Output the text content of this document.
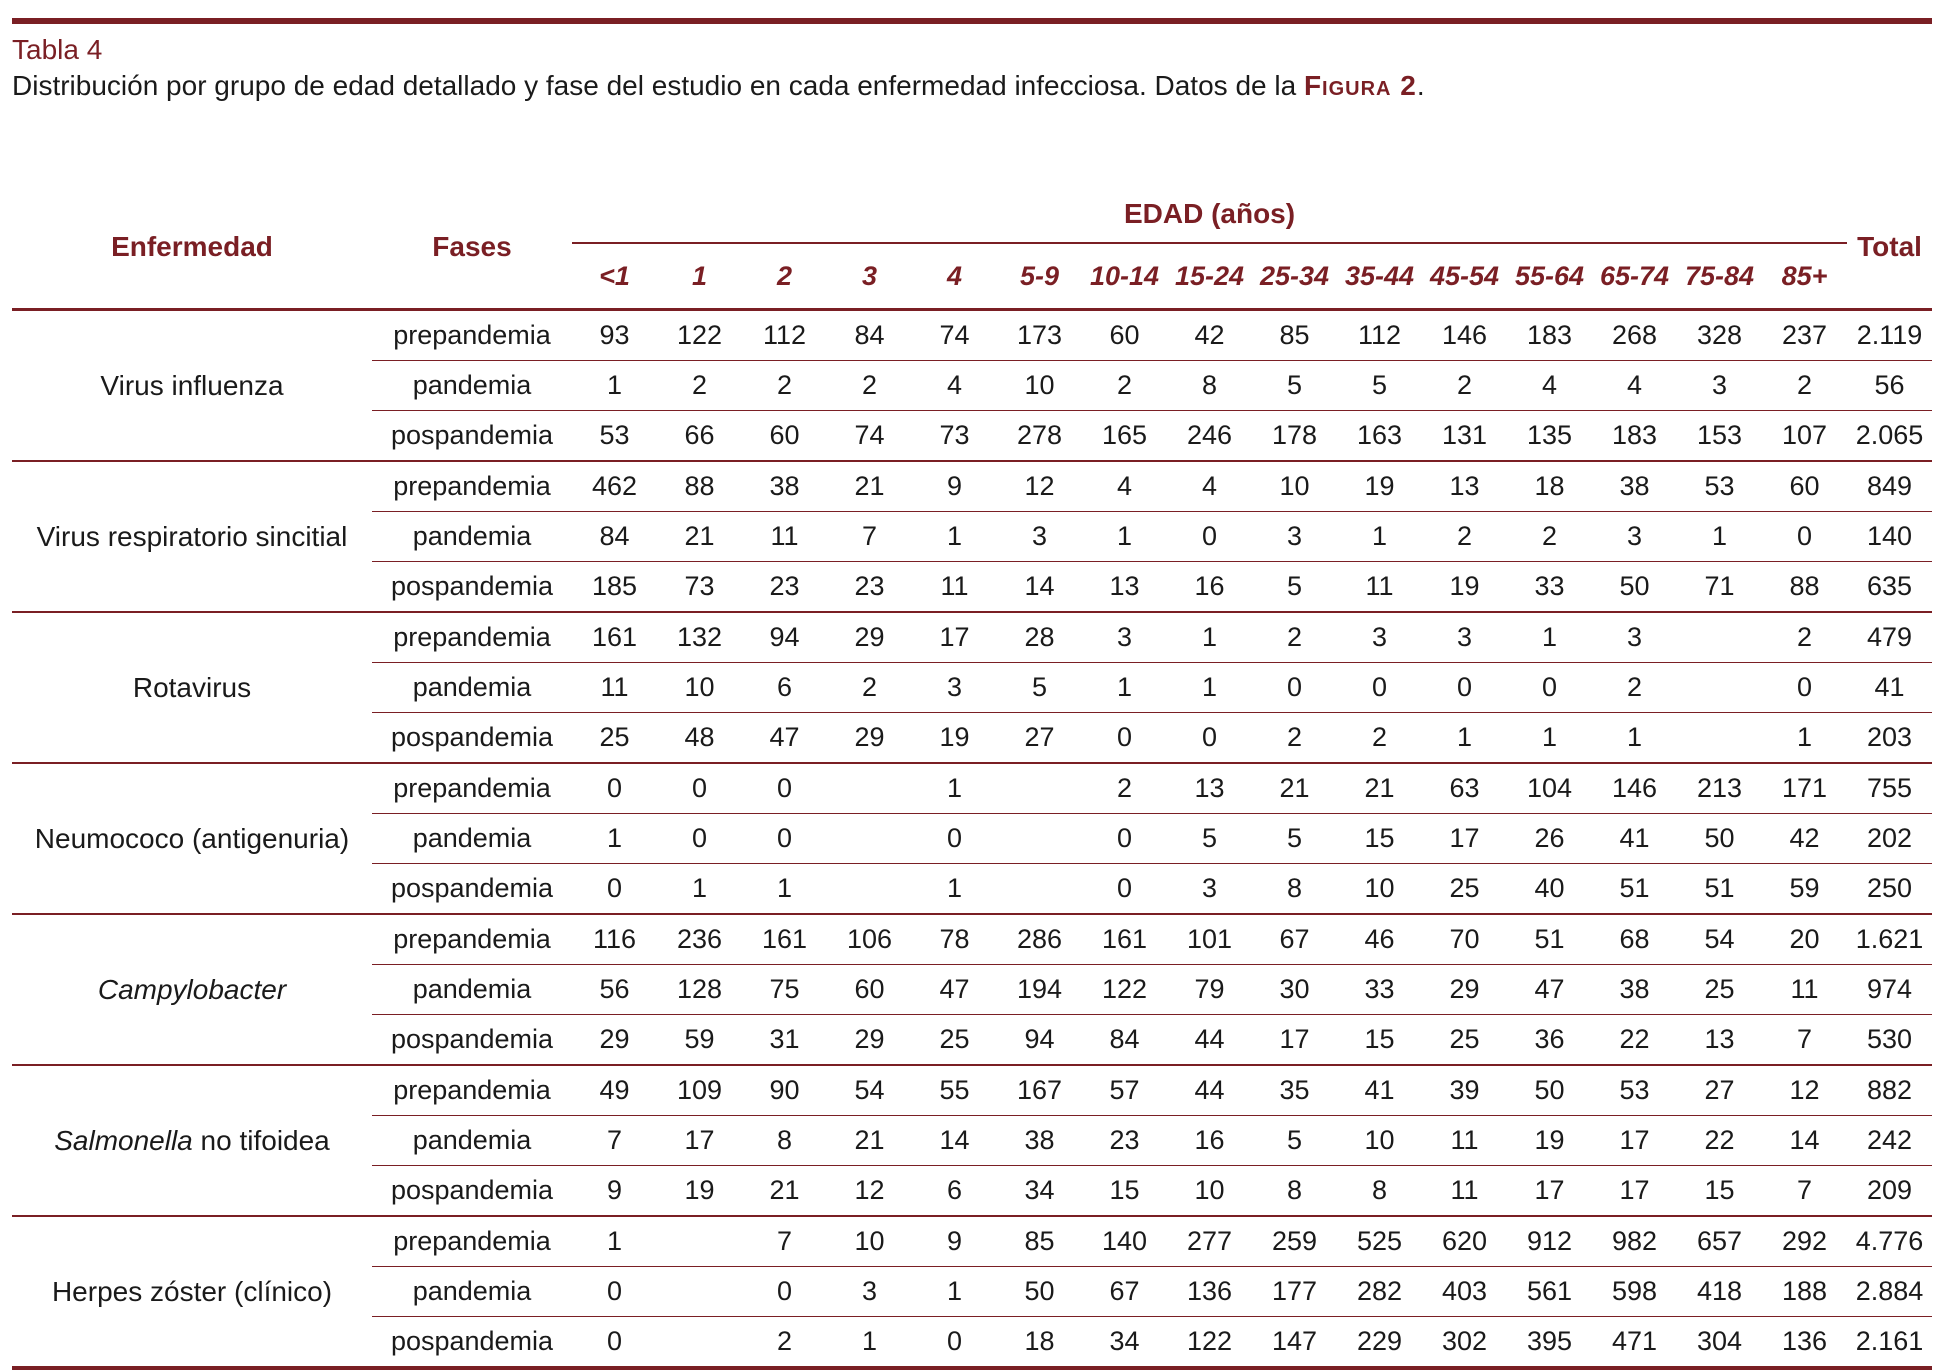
Tabla 4
Distribución por grupo de edad detallado y fase del estudio en cada enfermedad infecciosa. Datos de la Figura 2.
Enfermedad	Fases	EDAD (años)															Total
		<1	1	2	3	4	5-9	10-14	15-24	25-34	35-44	45-54	55-64	65-74	75-84	85+	
Virus influenza	prepandemia	93	122	112	84	74	173	60	42	85	112	146	183	268	328	237	2.119
	pandemia	1	2	2	2	4	10	2	8	5	5	2	4	4	3	2	56
	pospandemia	53	66	60	74	73	278	165	246	178	163	131	135	183	153	107	2.065
Virus respiratorio sincitial	prepandemia	462	88	38	21	9	12	4	4	10	19	13	18	38	53	60	849
	pandemia	84	21	11	7	1	3	1	0	3	1	2	2	3	1	0	140
	pospandemia	185	73	23	23	11	14	13	16	5	11	19	33	50	71	88	635
Rotavirus	prepandemia	161	132	94	29	17	28	3	1	2	3	3	1	3		2	479
	pandemia	11	10	6	2	3	5	1	1	0	0	0	0	2		0	41
	pospandemia	25	48	47	29	19	27	0	0	2	2	1	1	1		1	203
Neumococo (antigenuria)	prepandemia	0	0	0		1		2	13	21	21	63	104	146	213	171	755
	pandemia	1	0	0		0		0	5	5	15	17	26	41	50	42	202
	pospandemia	0	1	1		1		0	3	8	10	25	40	51	51	59	250
Campylobacter	prepandemia	116	236	161	106	78	286	161	101	67	46	70	51	68	54	20	1.621
	pandemia	56	128	75	60	47	194	122	79	30	33	29	47	38	25	11	974
	pospandemia	29	59	31	29	25	94	84	44	17	15	25	36	22	13	7	530
Salmonella no tifoidea	prepandemia	49	109	90	54	55	167	57	44	35	41	39	50	53	27	12	882
	pandemia	7	17	8	21	14	38	23	16	5	10	11	19	17	22	14	242
	pospandemia	9	19	21	12	6	34	15	10	8	8	11	17	17	15	7	209
Herpes zóster (clínico)	prepandemia	1		7	10	9	85	140	277	259	525	620	912	982	657	292	4.776
	pandemia	0		0	3	1	50	67	136	177	282	403	561	598	418	188	2.884
	pospandemia	0		2	1	0	18	34	122	147	229	302	395	471	304	136	2.161
